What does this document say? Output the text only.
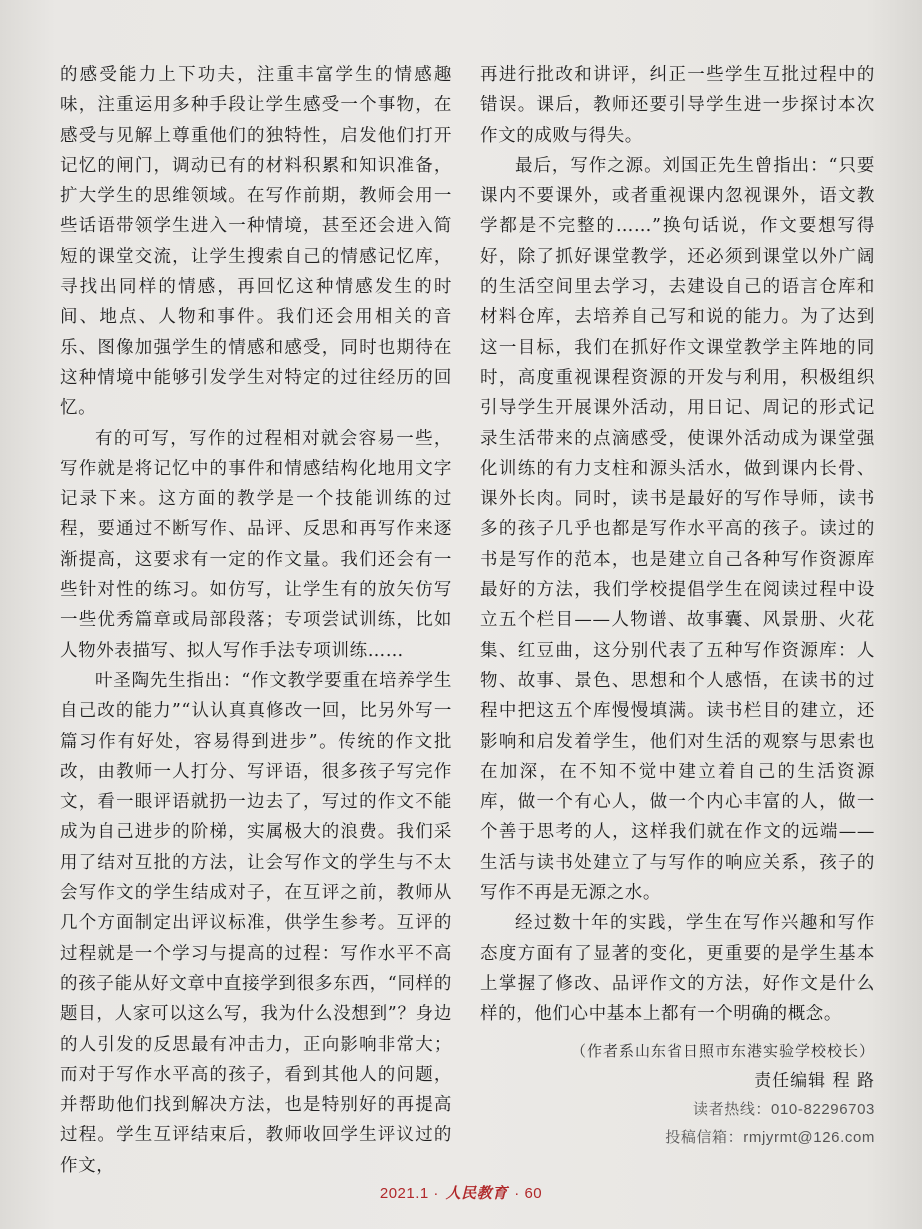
的感受能力上下功夫，注重丰富学生的情感趣味，注重运用多种手段让学生感受一个事物，在感受与见解上尊重他们的独特性，启发他们打开记忆的闸门，调动已有的材料积累和知识准备，扩大学生的思维领域。在写作前期，教师会用一些话语带领学生进入一种情境，甚至还会进入简短的课堂交流，让学生搜索自己的情感记忆库，寻找出同样的情感，再回忆这种情感发生的时间、地点、人物和事件。我们还会用相关的音乐、图像加强学生的情感和感受，同时也期待在这种情境中能够引发学生对特定的过往经历的回忆。

有的可写，写作的过程相对就会容易一些，写作就是将记忆中的事件和情感结构化地用文字记录下来。这方面的教学是一个技能训练的过程，要通过不断写作、品评、反思和再写作来逐渐提高，这要求有一定的作文量。我们还会有一些针对性的练习。如仿写，让学生有的放矢仿写一些优秀篇章或局部段落；专项尝试训练，比如人物外表描写、拟人写作手法专项训练……

叶圣陶先生指出：“作文教学要重在培养学生自己改的能力”“认认真真修改一回，比另外写一篇习作有好处，容易得到进步”。传统的作文批改，由教师一人打分、写评语，很多孩子写完作文，看一眼评语就扔一边去了，写过的作文不能成为自己进步的阶梯，实属极大的浪费。我们采用了结对互批的方法，让会写作文的学生与不太会写作文的学生结成对子，在互评之前，教师从几个方面制定出评议标准，供学生参考。互评的过程就是一个学习与提高的过程：写作水平不高的孩子能从好文章中直接学到很多东西，“同样的题目，人家可以这么写，我为什么没想到”？身边的人引发的反思最有冲击力，正向影响非常大；而对于写作水平高的孩子，看到其他人的问题，并帮助他们找到解决方法，也是特别好的再提高过程。学生互评结束后，教师收回学生评议过的作文，

再进行批改和讲评，纠正一些学生互批过程中的错误。课后，教师还要引导学生进一步探讨本次作文的成败与得失。

最后，写作之源。刘国正先生曾指出：“只要课内不要课外，或者重视课内忽视课外，语文教学都是不完整的……”换句话说，作文要想写得好，除了抓好课堂教学，还必须到课堂以外广阔的生活空间里去学习，去建设自己的语言仓库和材料仓库，去培养自己写和说的能力。为了达到这一目标，我们在抓好作文课堂教学主阵地的同时，高度重视课程资源的开发与利用，积极组织引导学生开展课外活动，用日记、周记的形式记录生活带来的点滴感受，使课外活动成为课堂强化训练的有力支柱和源头活水，做到课内长骨、课外长肉。同时，读书是最好的写作导师，读书多的孩子几乎也都是写作水平高的孩子。读过的书是写作的范本，也是建立自己各种写作资源库最好的方法，我们学校提倡学生在阅读过程中设立五个栏目——人物谱、故事囊、风景册、火花集、红豆曲，这分别代表了五种写作资源库：人物、故事、景色、思想和个人感悟，在读书的过程中把这五个库慢慢填满。读书栏目的建立，还影响和启发着学生，他们对生活的观察与思索也在加深，在不知不觉中建立着自己的生活资源库，做一个有心人，做一个内心丰富的人，做一个善于思考的人，这样我们就在作文的远端——生活与读书处建立了与写作的响应关系，孩子的写作不再是无源之水。

经过数十年的实践，学生在写作兴趣和写作态度方面有了显著的变化，更重要的是学生基本上掌握了修改、品评作文的方法，好作文是什么样的，他们心中基本上都有一个明确的概念。

（作者系山东省日照市东港实验学校校长）
责任编辑 程 路
读者热线：010-82296703
投稿信箱：rmjyrmt@126.com
2021.1 · 人民教育 · 60
